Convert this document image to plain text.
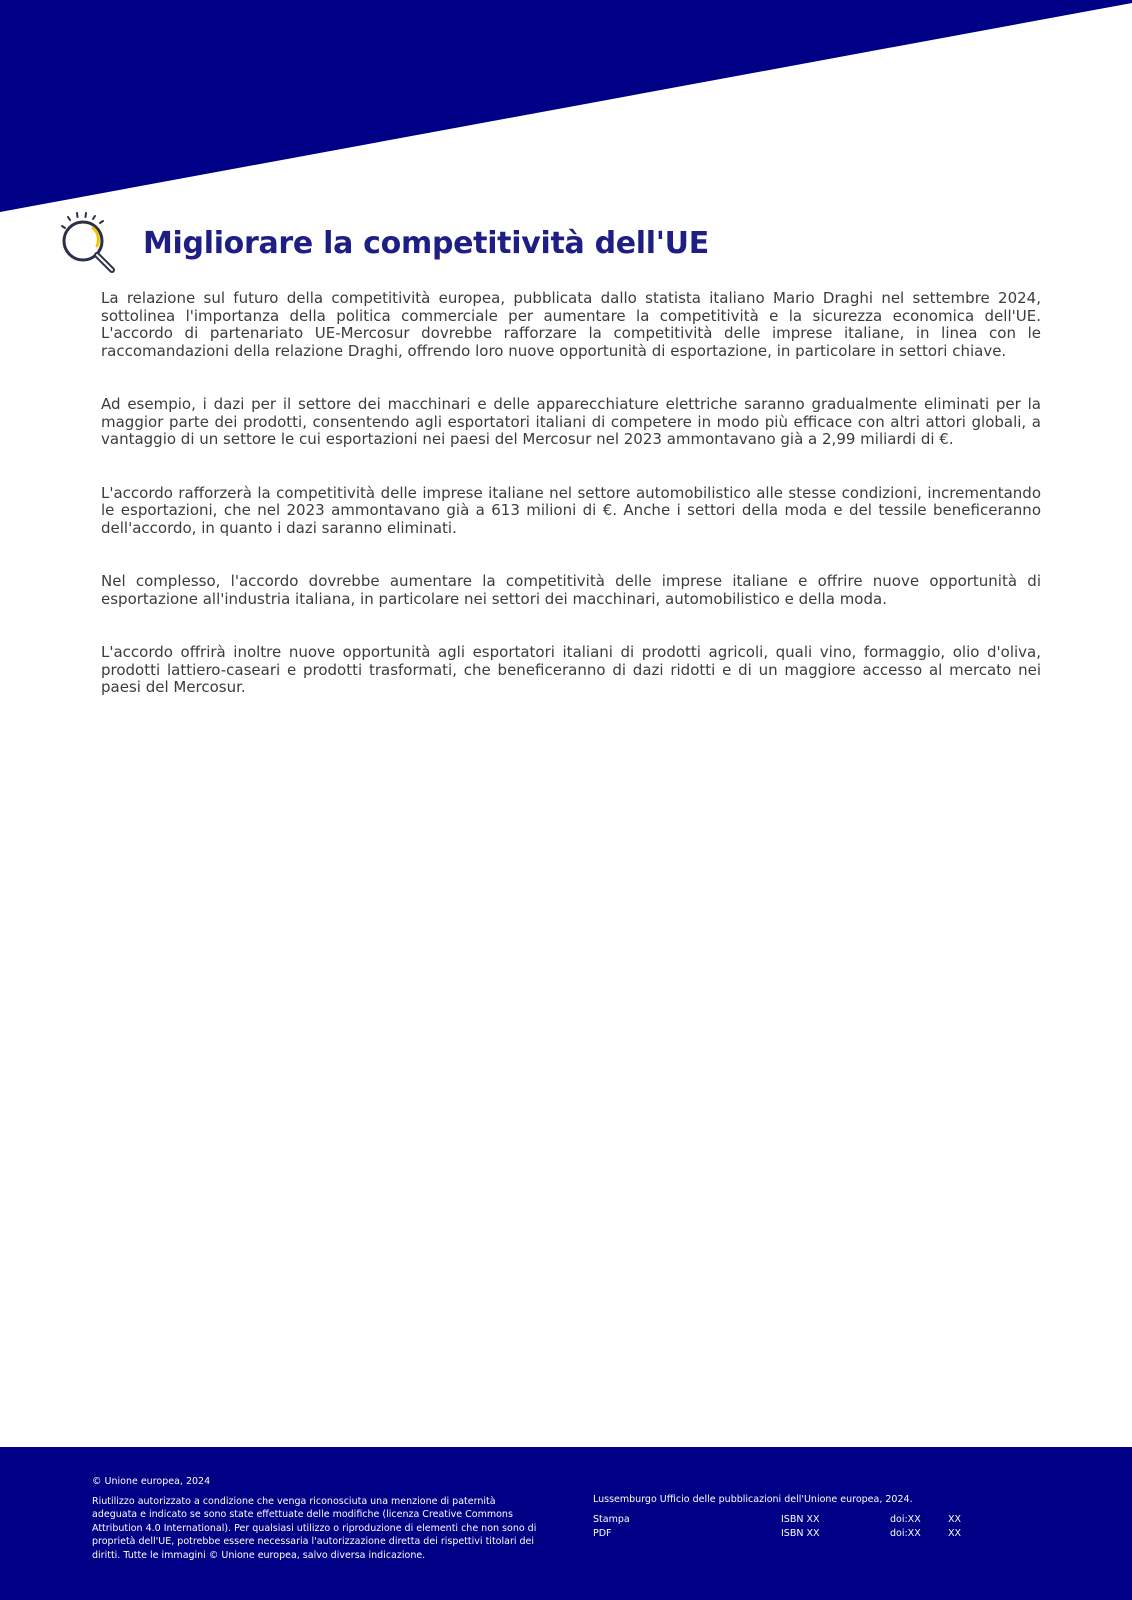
Migliorare la competitività dell'UE

La relazione sul futuro della competitività europea, pubblicata dallo statista italiano Mario Draghi nel settembre 2024, sottolinea l'importanza della politica commerciale per aumentare la competitività e la sicurezza economica dell'UE. L'accordo di partenariato UE-Mercosur dovrebbe rafforzare la competitività delle imprese italiane, in linea con le raccomandazioni della relazione Draghi, offrendo loro nuove opportunità di esportazione, in particolare in settori chiave.

Ad esempio, i dazi per il settore dei macchinari e delle apparecchiature elettriche saranno gradualmente eliminati per la maggior parte dei prodotti, consentendo agli esportatori italiani di competere in modo più efficace con altri attori globali, a vantaggio di un settore le cui esportazioni nei paesi del Mercosur nel 2023 ammontavano già a 2,99 miliardi di €.

L'accordo rafforzerà la competitività delle imprese italiane nel settore automobilistico alle stesse condizioni, incrementando le esportazioni, che nel 2023 ammontavano già a 613 milioni di €. Anche i settori della moda e del tessile beneficeranno dell'accordo, in quanto i dazi saranno eliminati.

Nel complesso, l'accordo dovrebbe aumentare la competitività delle imprese italiane e offrire nuove opportunità di esportazione all'industria italiana, in particolare nei settori dei macchinari, automobilistico e della moda.

L'accordo offrirà inoltre nuove opportunità agli esportatori italiani di prodotti agricoli, quali vino, formaggio, olio d'oliva, prodotti lattiero-caseari e prodotti trasformati, che beneficeranno di dazi ridotti e di un maggiore accesso al mercato nei paesi del Mercosur.

© Unione europea, 2024

Riutilizzo autorizzato a condizione che venga riconosciuta una menzione di paternità adeguata e indicato se sono state effettuate delle modifiche (licenza Creative Commons Attribution 4.0 International). Per qualsiasi utilizzo o riproduzione di elementi che non sono di proprietà dell'UE, potrebbe essere necessaria l'autorizzazione diretta dei rispettivi titolari dei diritti. Tutte le immagini © Unione europea, salvo diversa indicazione.

Lussemburgo Ufficio delle pubblicazioni dell'Unione europea, 2024.

Stampa	ISBN XX	doi:XX	XX
PDF	ISBN XX	doi:XX	XX
